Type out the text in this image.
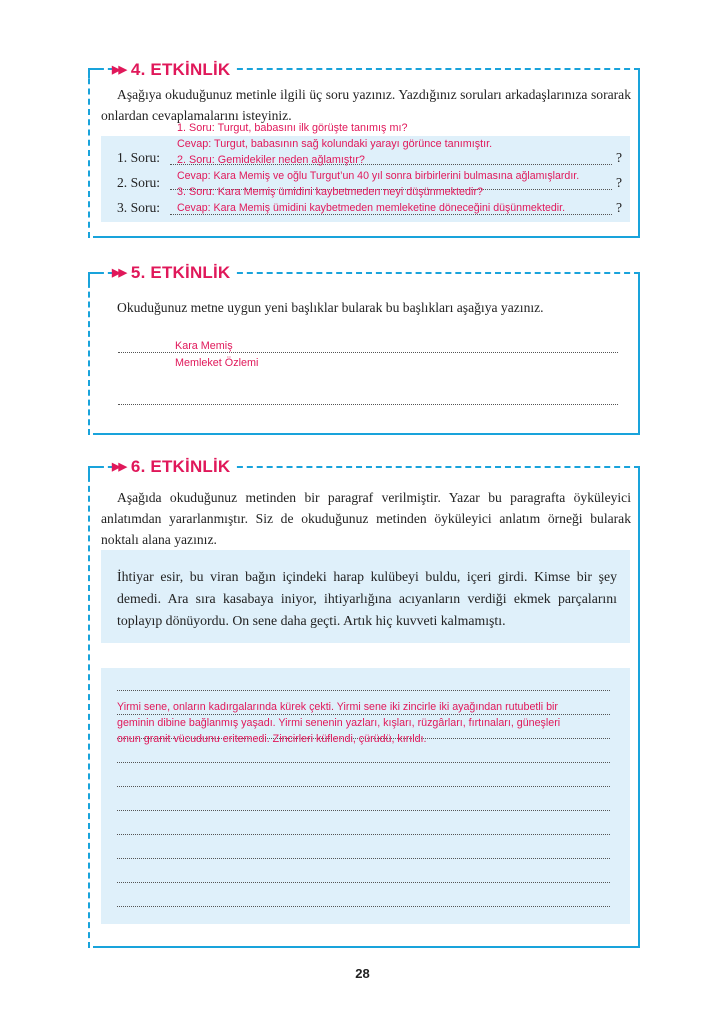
▶▶ 4. ETKİNLİK
Aşağıya okuduğunuz metinle ilgili üç soru yazınız. Yazdığınız soruları arkadaşlarınıza sorarak onlardan cevaplamalarını isteyiniz.
1. Soru:	?
2. Soru:	?
3. Soru:	?
1. Soru: Turgut, babasını ilk görüşte tanımış mı?
Cevap: Turgut, babasının sağ kolundaki yarayı görünce tanımıştır.
2. Soru: Gemidekiler neden ağlamıştır?
Cevap: Kara Memiş ve oğlu Turgut’un 40 yıl sonra birbirlerini bulmasına ağlamışlardır.
3. Soru: Kara Memiş ümidini kaybetmeden neyi düşünmektedir?
Cevap: Kara Memiş ümidini kaybetmeden memleketine döneceğini düşünmektedir.
▶▶ 5. ETKİNLİK
Okuduğunuz metne uygun yeni başlıklar bularak bu başlıkları aşağıya yazınız.
Kara Memiş
Memleket Özlemi
▶▶ 6. ETKİNLİK
Aşağıda okuduğunuz metinden bir paragraf verilmiştir. Yazar bu paragrafta öyküleyici anlatımdan yararlanmıştır. Siz de okuduğunuz metinden öyküleyici anlatım örneği bularak noktalı alana yazınız.
İhtiyar esir, bu viran bağın içindeki harap kulübeyi buldu, içeri girdi. Kimse bir şey demedi. Ara sıra kasabaya iniyor, ihtiyarlığına acıyanların verdiği ekmek parçalarını toplayıp dönüyordu. On sene daha geçti. Artık hiç kuvveti kalmamıştı.
Yirmi sene, onların kadırgalarında kürek çekti. Yirmi sene iki zincirle iki ayağından rutubetli bir
geminin dibine bağlanmış yaşadı. Yirmi senenin yazları, kışları, rüzgârları, fırtınaları, güneşleri
onun granit vücudunu eritemedi. Zincirleri küflendi, çürüdü, kırıldı.
28
